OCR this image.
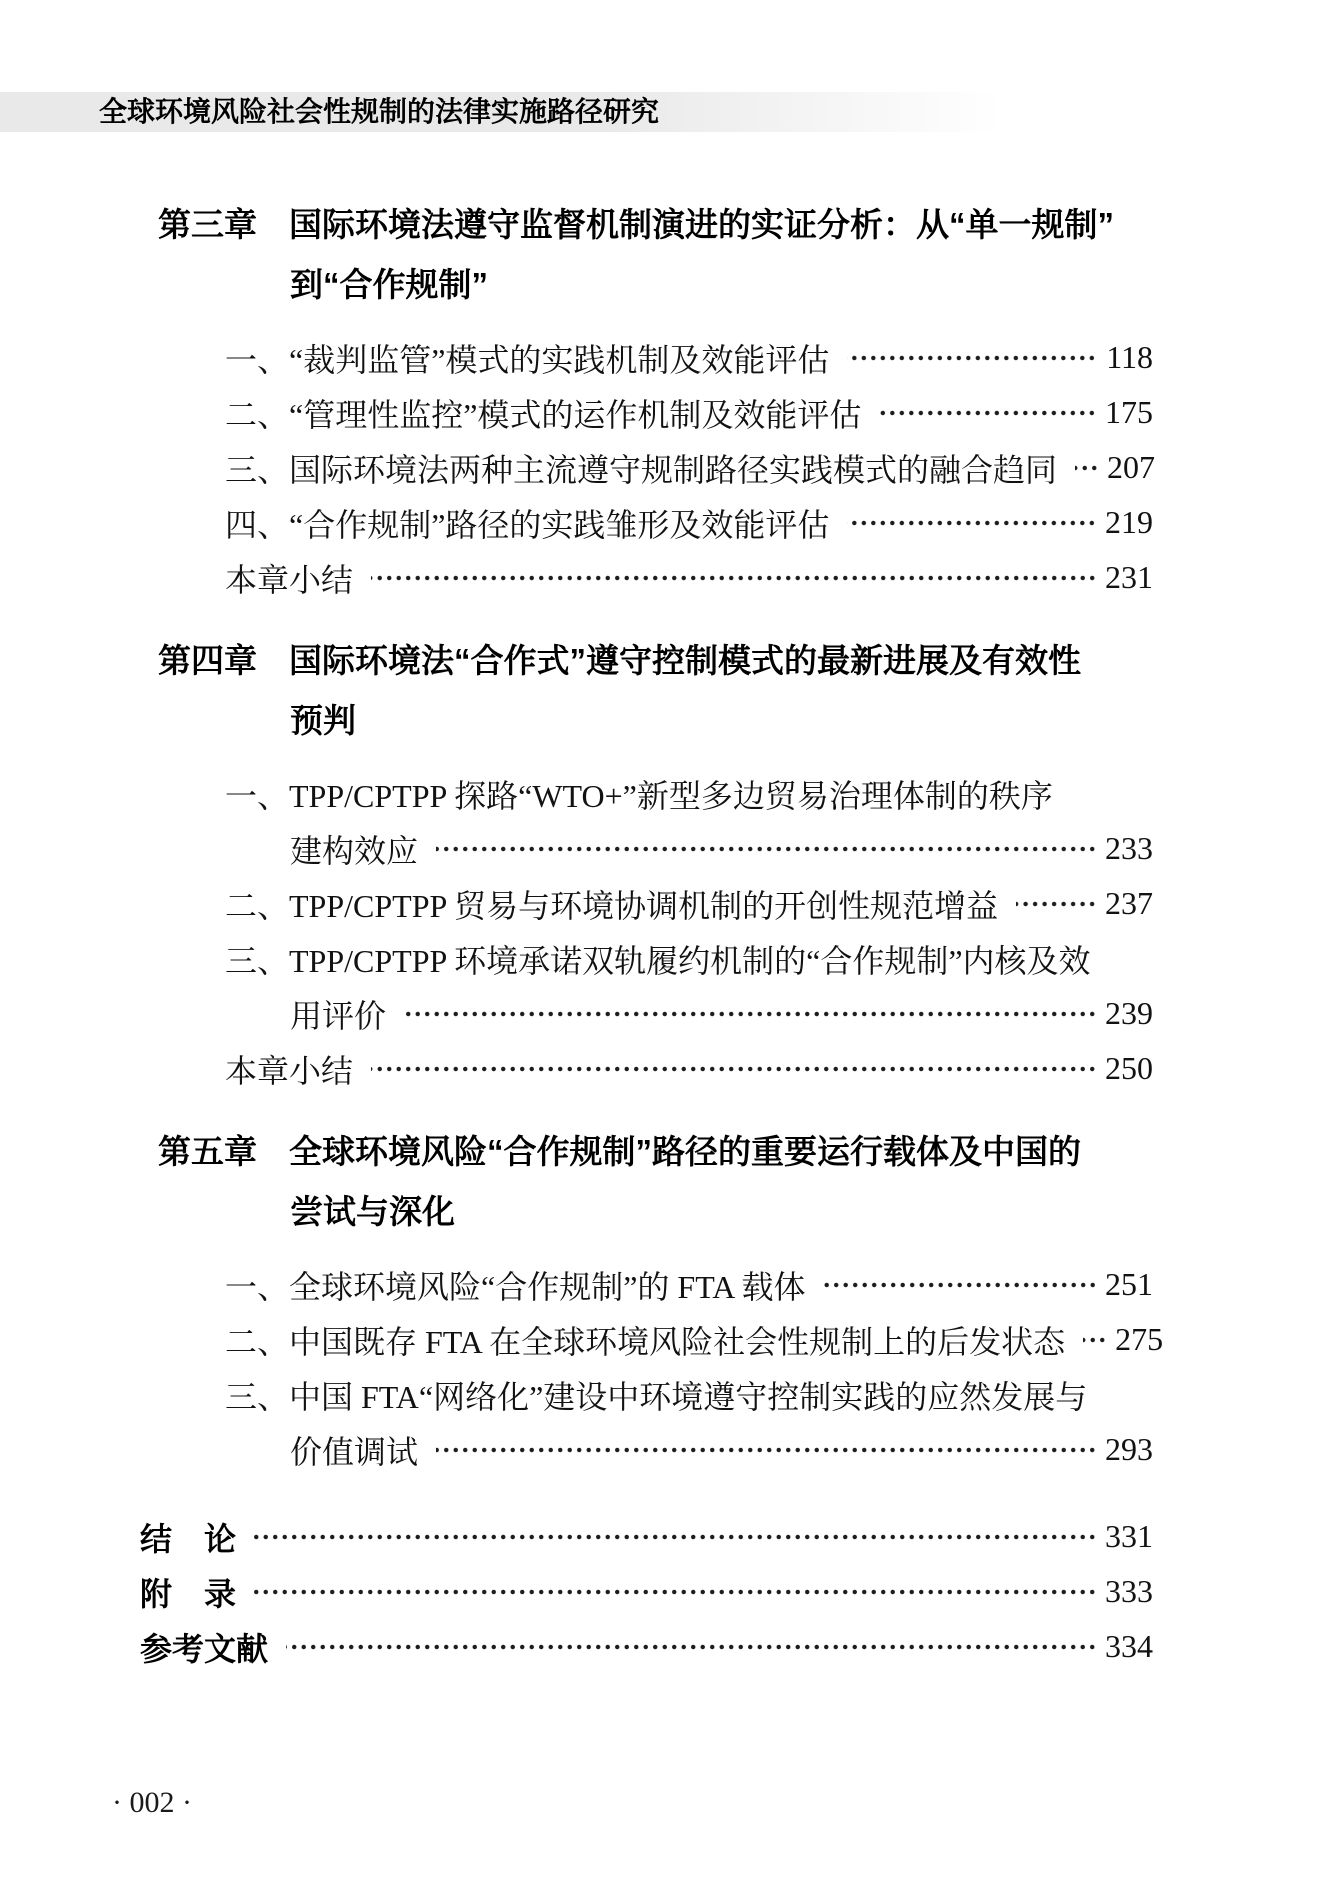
全球环境风险社会性规制的法律实施路径研究
第三章 国际环境法遵守监督机制演进的实证分析：从“单一规制”
到“合作规制”
一、“裁判监管”模式的实践机制及效能评估	118
二、“管理性监控”模式的运作机制及效能评估	175
三、国际环境法两种主流遵守规制路径实践模式的融合趋同 207
四、“合作规制”路径的实践雏形及效能评估	219
本章小结	231
第四章 国际环境法“合作式”遵守控制模式的最新进展及有效性
预判
一、TPP/CPTPP 探路“WTO+”新型多边贸易治理体制的秩序
建构效应	233
二、TPP/CPTPP 贸易与环境协调机制的开创性规范增益	237
三、TPP/CPTPP 环境承诺双轨履约机制的“合作规制”内核及效
用评价	239
本章小结	250
第五章 全球环境风险“合作规制”路径的重要运行载体及中国的
尝试与深化
一、全球环境风险“合作规制”的 FTA 载体	251
二、中国既存 FTA 在全球环境风险社会性规制上的后发状态 275
三、中国 FTA“网络化”建设中环境遵守控制实践的应然发展与
价值调试	293
结　论	331
附　录	333
参考文献	334
· 002 ·
